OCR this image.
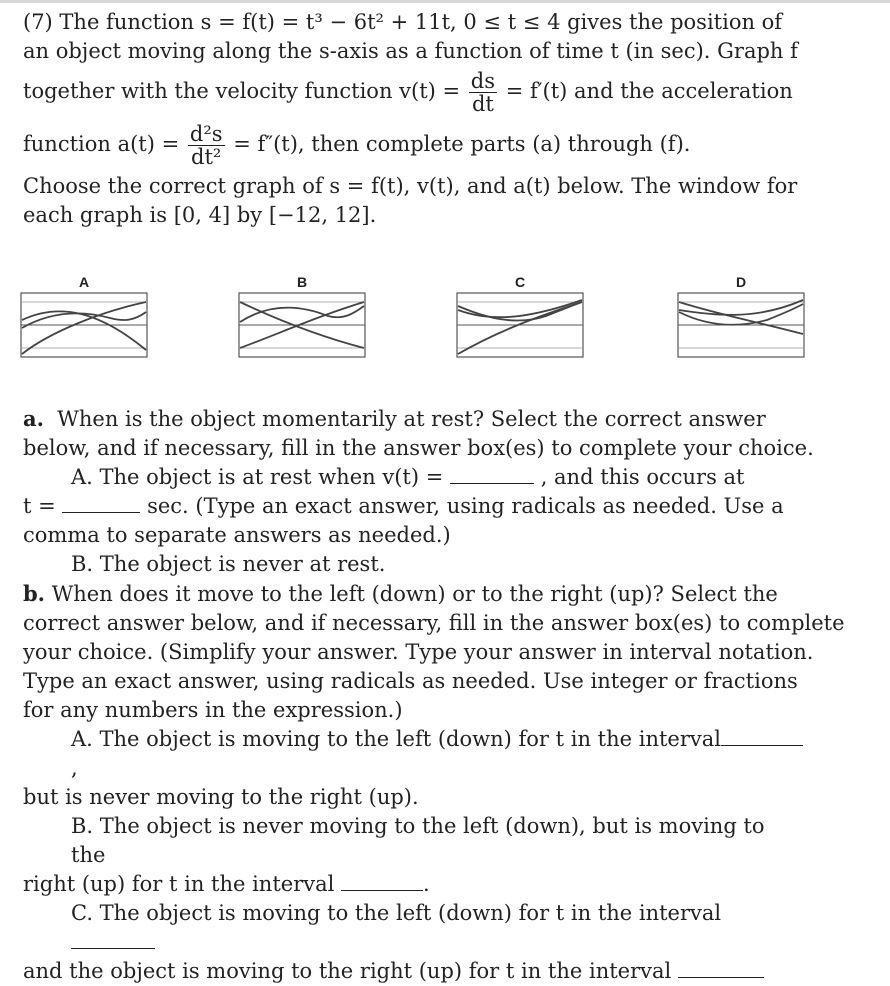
(7) The function s = f(t) = t³ − 6t² + 11t, 0 ≤ t ≤ 4 gives the position of
an object moving along the s-axis as a function of time t (in sec). Graph f
together with the velocity function $v(t) = \frac{ds}{dt} = f'(t)$ and the acceleration
function $a(t) = \frac{\text{d²s}}{\text{dt²}} = f''(t)$, then complete parts (a) through (f).
Choose the correct graph of s = f(t), v(t), and a(t) below. The window for
each graph is [0, 4] by [−12, 12].

A	B	C	D

a. When is the object momentarily at rest? Select the correct answer
below, and if necessary, fill in the answer box(es) to complete your choice.

A. The object is at rest when v(t) =	, and this occurs at
t =	sec. (Type an exact answer, using radicals as needed. Use a
comma to separate answers as needed.)
B. The object is never at rest.

b. When does it move to the left (down) or to the right (up)? Select the
correct answer below, and if necessary, fill in the answer box(es) to complete
your choice. (Simplify your answer. Type your answer in interval notation.
Type an exact answer, using radicals as needed. Use integer or fractions
for any numbers in the expression.)

A. The object is moving to the left (down) for t in the interval,
but is never moving to the right (up).
B. The object is never moving to the left (down), but is moving to the
right (up) for t in the interval	.
C. The object is moving to the left (down) for t in the interval
and the object is moving to the right (up) for t in the interval
